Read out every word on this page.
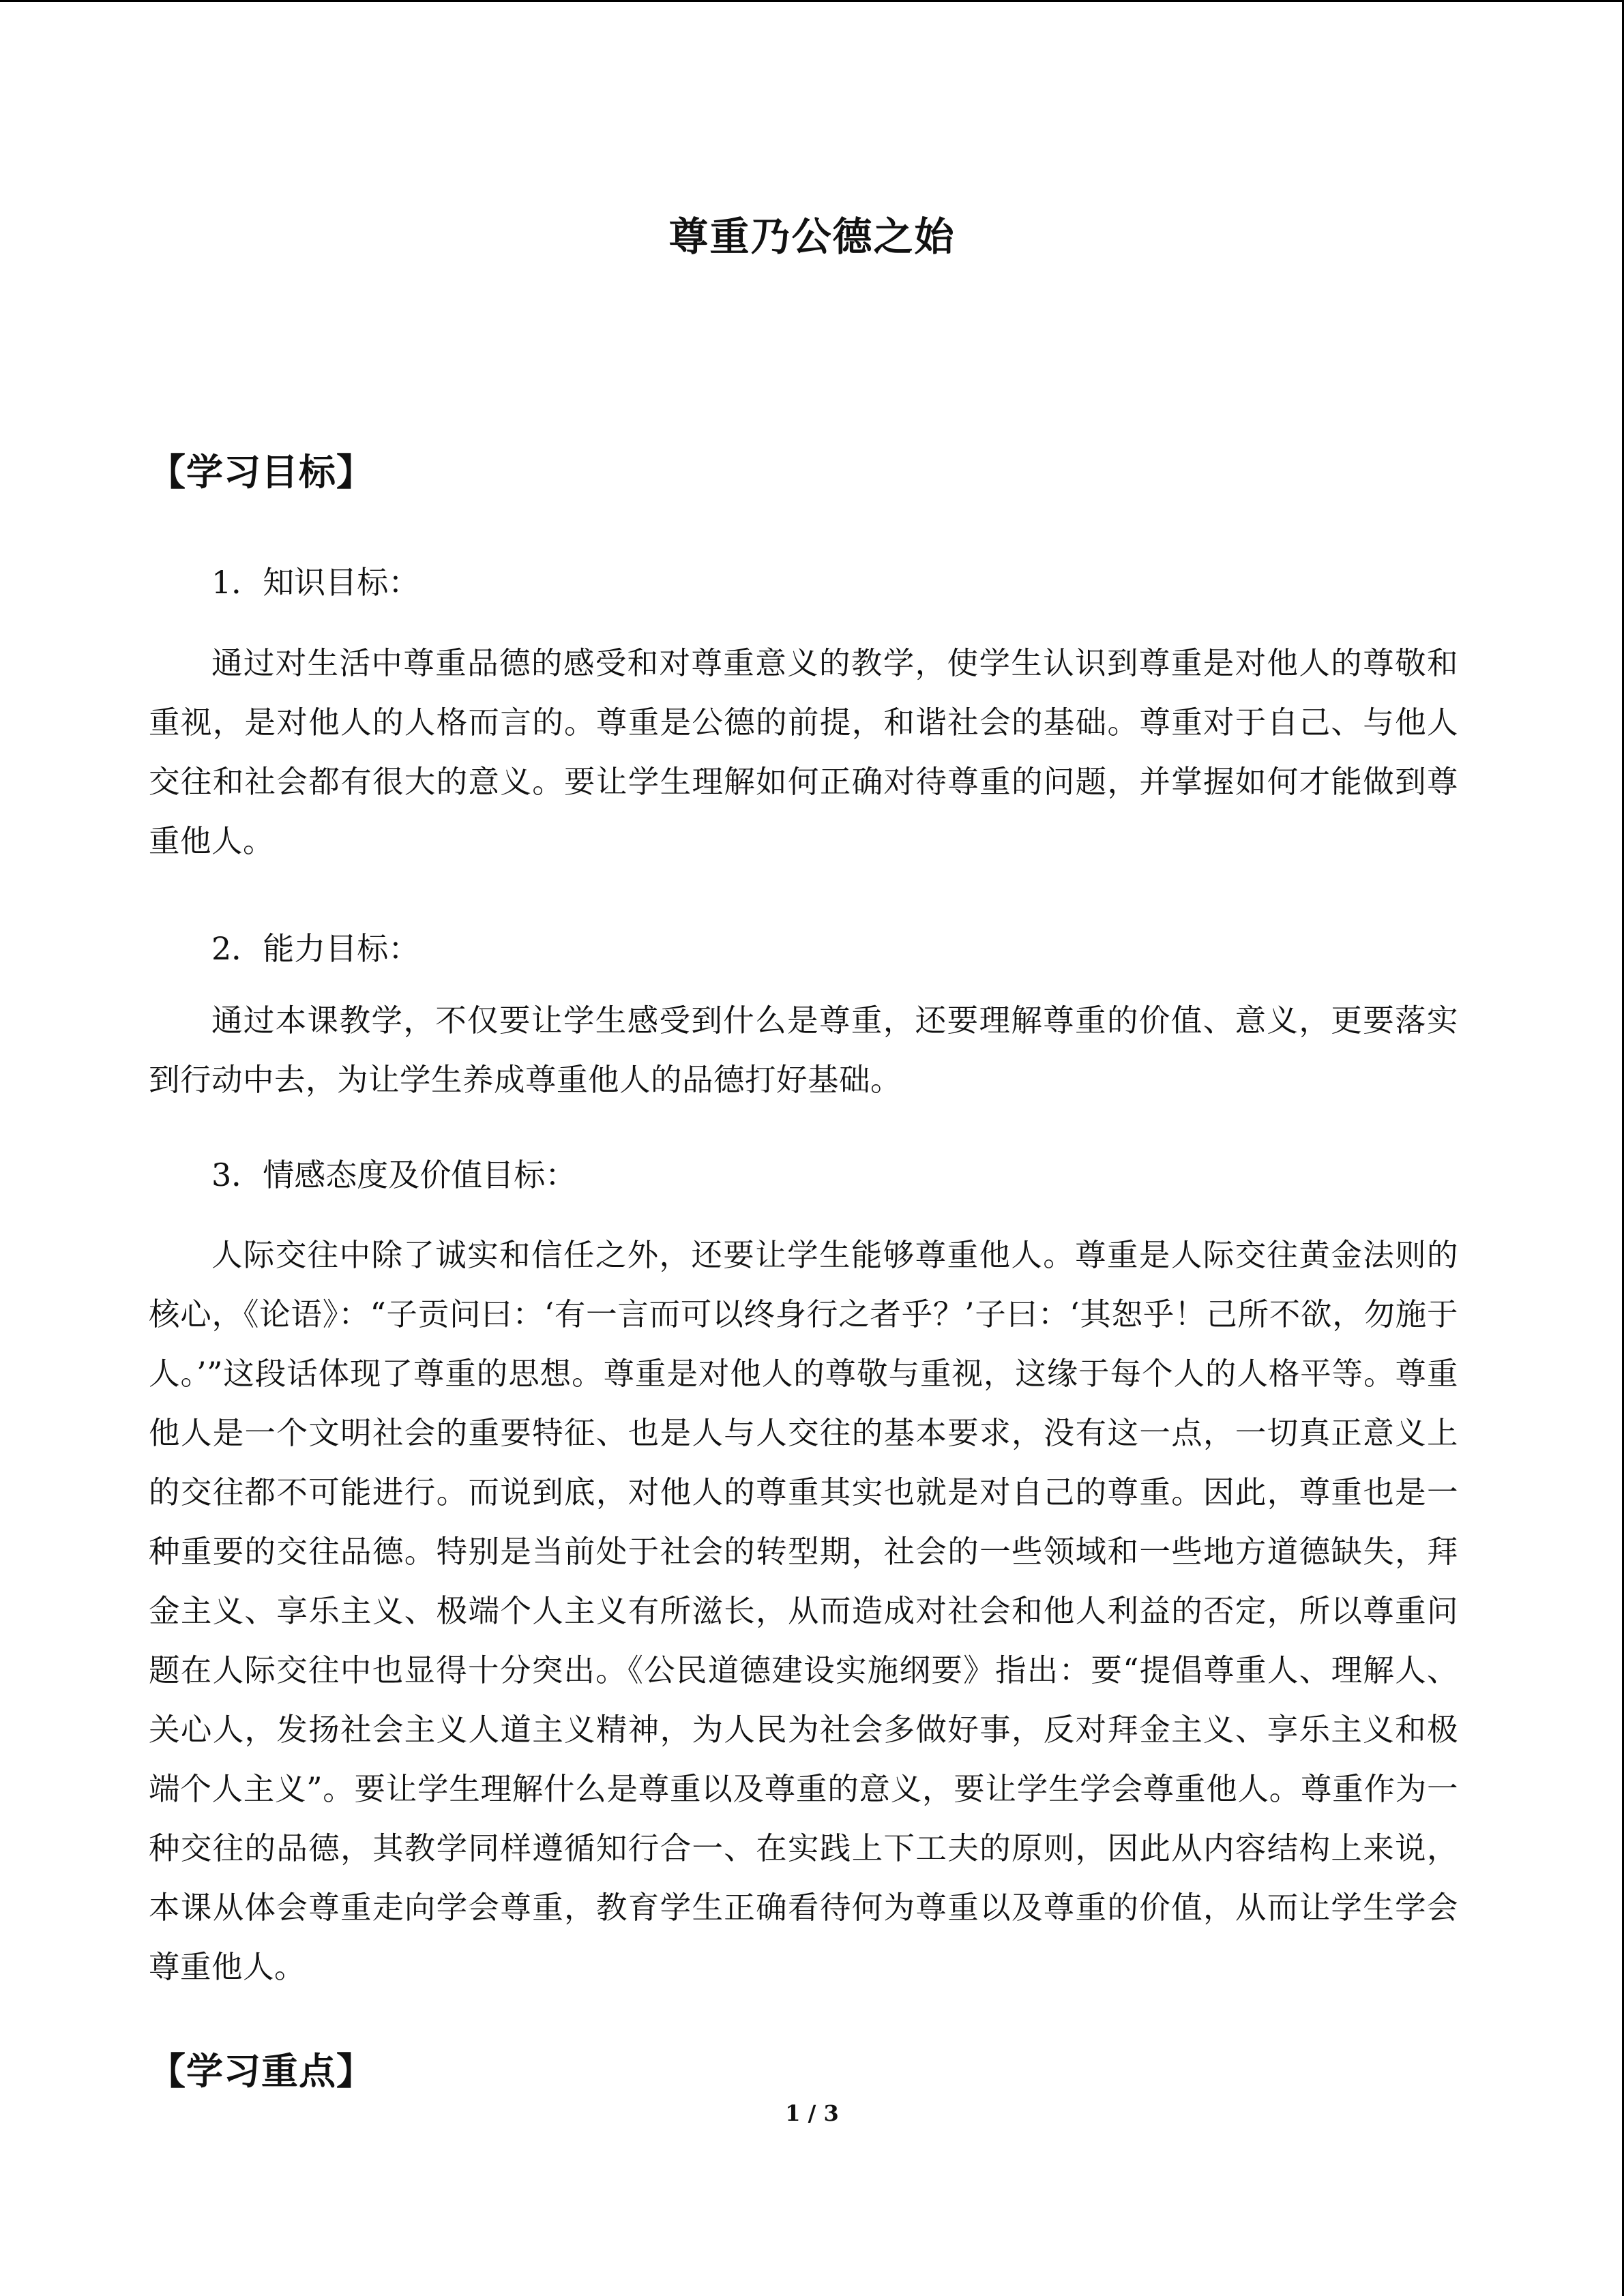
尊重乃公德之始
【学习目标】
1．知识目标：
通过对生活中尊重品德的感受和对尊重意义的教学，使学生认识到尊重是对他人的尊敬和重视，是对他人的人格而言的。尊重是公德的前提，和谐社会的基础。尊重对于自己、与他人交往和社会都有很大的意义。要让学生理解如何正确对待尊重的问题，并掌握如何才能做到尊重他人。
2．能力目标：
通过本课教学，不仅要让学生感受到什么是尊重，还要理解尊重的价值、意义，更要落实到行动中去，为让学生养成尊重他人的品德打好基础。
3．情感态度及价值目标：
人际交往中除了诚实和信任之外，还要让学生能够尊重他人。尊重是人际交往黄金法则的核心，《论语》：“子贡问曰：‘有一言而可以终身行之者乎？’子曰：‘其恕乎！己所不欲，勿施于人。’”这段话体现了尊重的思想。尊重是对他人的尊敬与重视，这缘于每个人的人格平等。尊重他人是一个文明社会的重要特征、也是人与人交往的基本要求，没有这一点，一切真正意义上的交往都不可能进行。而说到底，对他人的尊重其实也就是对自己的尊重。因此，尊重也是一种重要的交往品德。特别是当前处于社会的转型期，社会的一些领域和一些地方道德缺失，拜金主义、享乐主义、极端个人主义有所滋长，从而造成对社会和他人利益的否定，所以尊重问题在人际交往中也显得十分突出。《公民道德建设实施纲要》指出：要“提倡尊重人、理解人、关心人，发扬社会主义人道主义精神，为人民为社会多做好事，反对拜金主义、享乐主义和极端个人主义”。要让学生理解什么是尊重以及尊重的意义，要让学生学会尊重他人。尊重作为一种交往的品德，其教学同样遵循知行合一、在实践上下工夫的原则，因此从内容结构上来说，本课从体会尊重走向学会尊重，教育学生正确看待何为尊重以及尊重的价值，从而让学生学会尊重他人。
【学习重点】
1 / 3
